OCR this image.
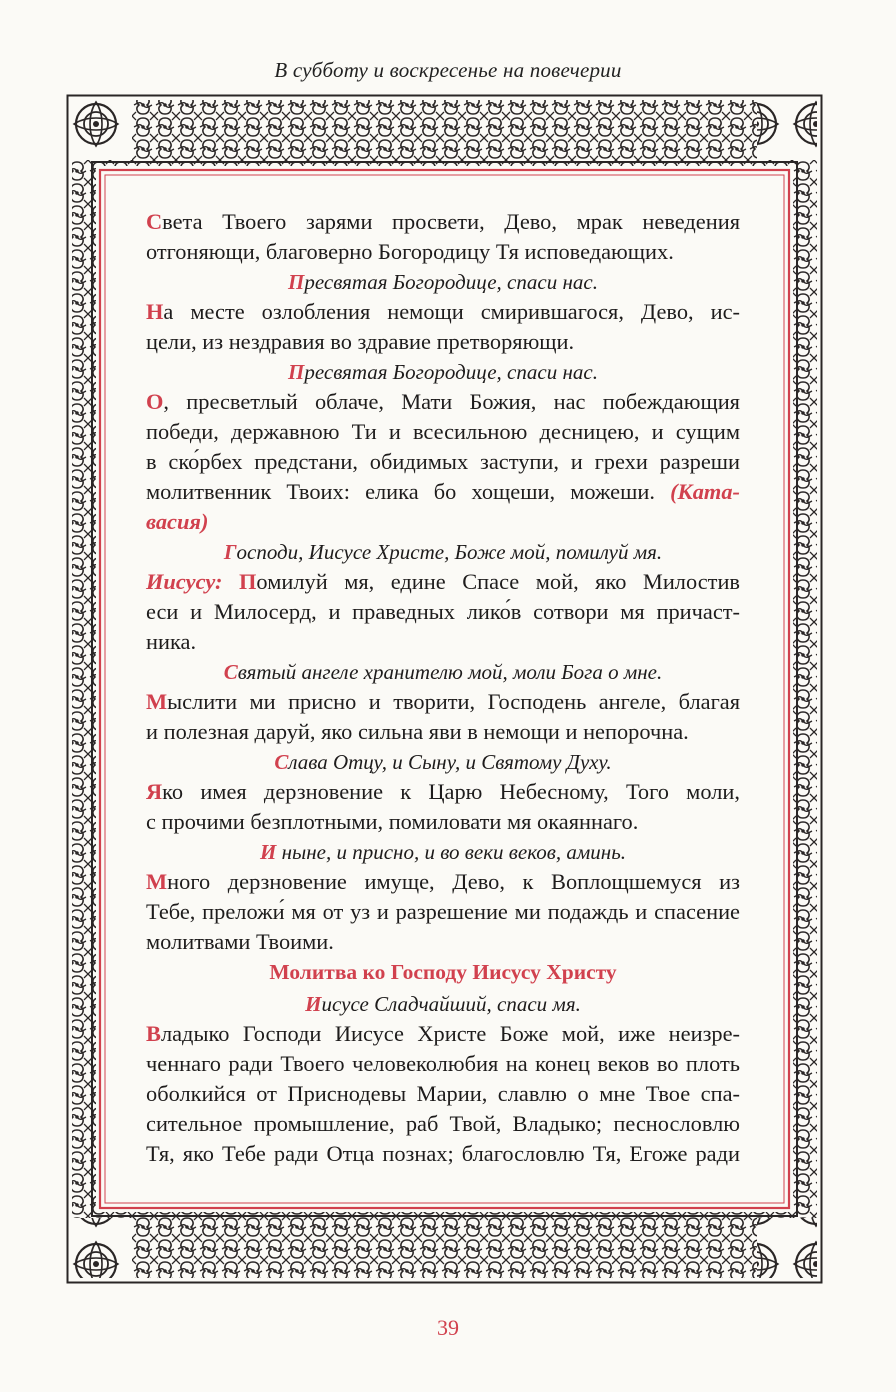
В субботу и воскресенье на повечерии

Света Твоего зарями просвети, Дево, мрак неведения
отгоняющи, благоверно Богородицу Тя исповедающих.

Пресвятая Богородице, спаси нас.

На месте озлобления немощи смирившагося, Дево, ис-
цели, из нездравия во здравие претворяющи.

Пресвятая Богородице, спаси нас.

О, пресветлый облаче, Мати Божия, нас побеждающия
победи, державною Ти и всесильною десницею, и сущим
в ско́рбех предстани, обидимых заступи, и грехи разреши
молитвенник Твоих: елика бо хощеши, можеши. (Ката-
васия)

Господи, Иисусе Христе, Боже мой, помилуй мя.

Иисусу: Помилуй мя, едине Спасе мой, яко Милостив
еси и Милосерд, и праведных лико́в сотвори мя причаст-
ника.

Святый ангеле хранителю мой, моли Бога о мне.

Мыслити ми присно и творити, Господень ангеле, благая
и полезная даруй, яко сильна яви в немощи и непорочна.

Слава Отцу, и Сыну, и Святому Духу.

Яко имея дерзновение к Царю Небесному, Того моли,
с прочими безплотными, помиловати мя окаяннаго.

И ныне, и присно, и во веки веков, аминь.

Много дерзновение имуще, Дево, к Воплощшемуся из
Тебе, преложи́ мя от уз и разрешение ми подаждь и спасение
молитвами Твоими.

Молитва ко Господу Иисусу Христу

Иисусе Сладчайший, спаси мя.

Владыко Господи Иисусе Христе Боже мой, иже неизре-
ченнаго ради Твоего человеколюбия на конец веков во плоть
оболкийся от Приснодевы Марии, славлю о мне Твое спа-
сительное промышление, раб Твой, Владыко; песнословлю
Тя, яко Тебе ради Отца познах; благословлю Тя, Егоже ради

39
